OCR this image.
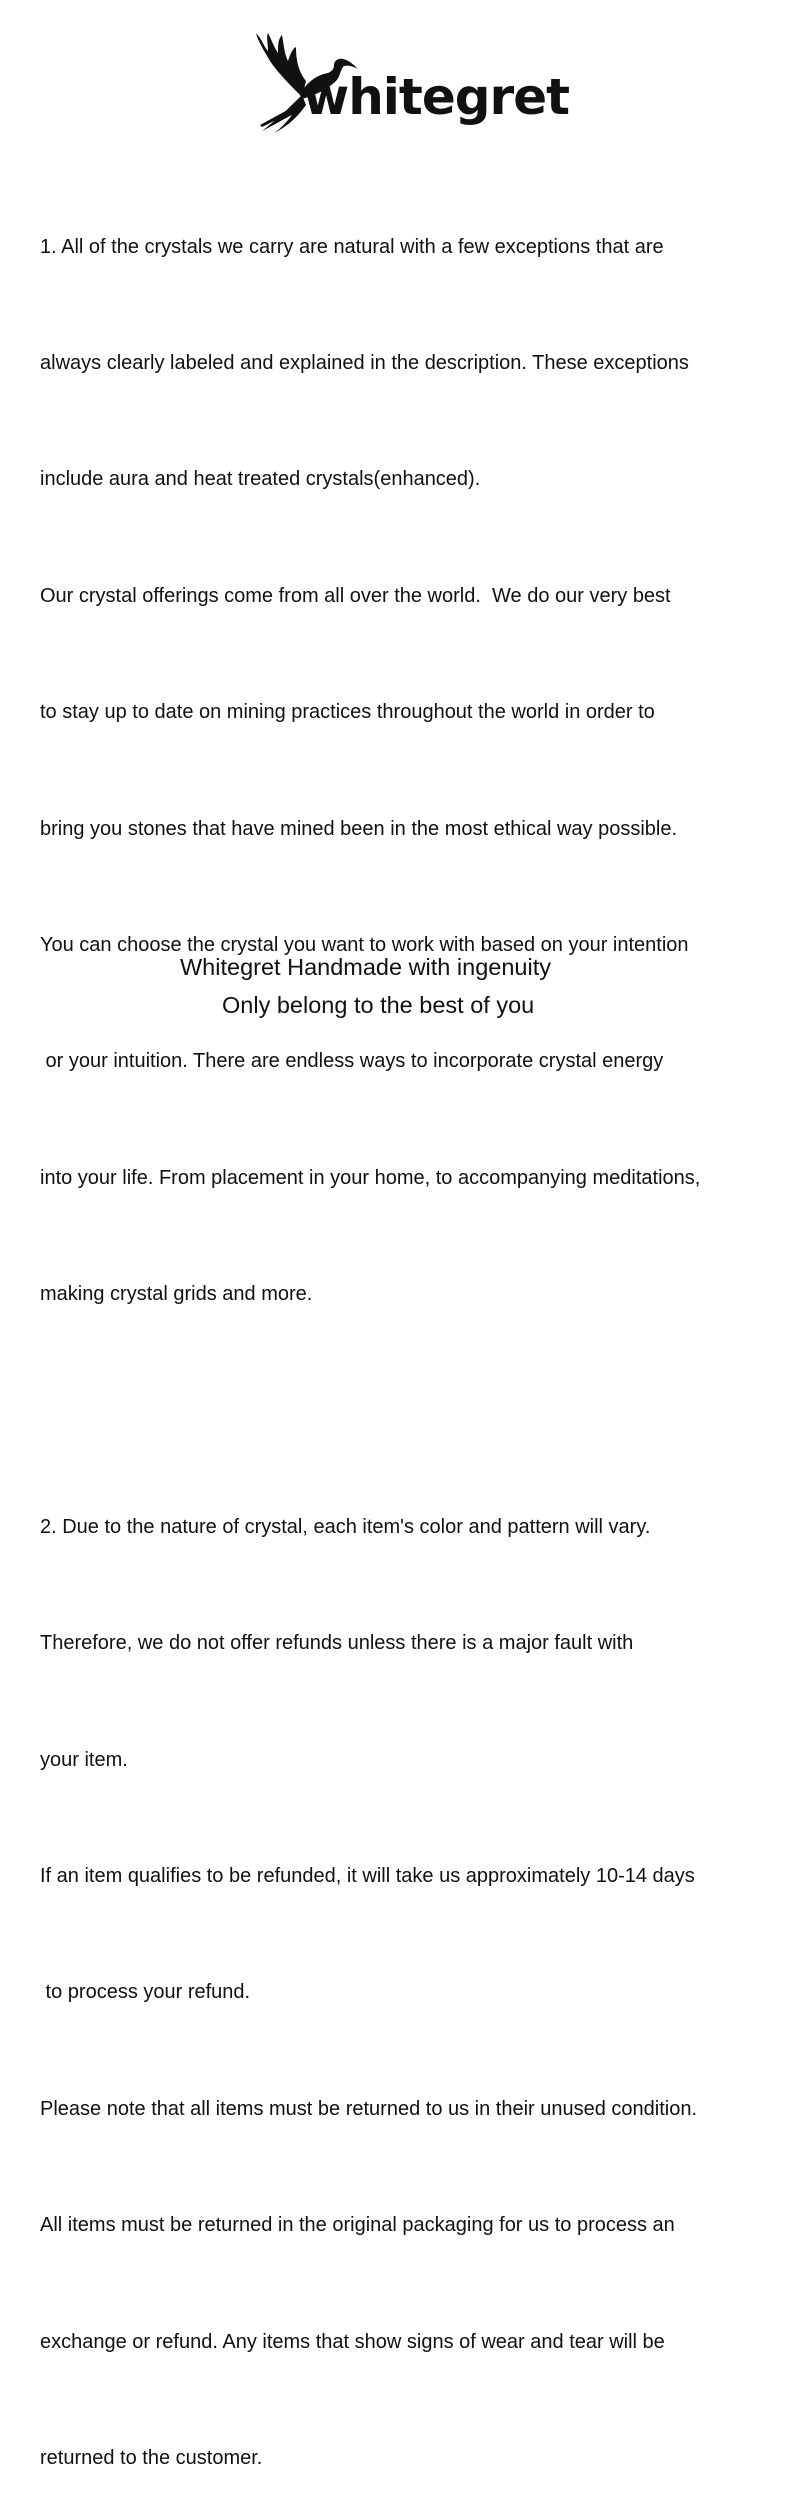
whitegret

1. All of the crystals we carry are natural with a few exceptions that are

always clearly labeled and explained in the description. These exceptions

include aura and heat treated crystals(enhanced).

Our crystal offerings come from all over the world.  We do our very best

to stay up to date on mining practices throughout the world in order to

bring you stones that have mined been in the most ethical way possible.

You can choose the crystal you want to work with based on your intention

or your intuition. There are endless ways to incorporate crystal energy

into your life. From placement in your home, to accompanying meditations,

making crystal grids and more.

2. Due to the nature of crystal, each item's color and pattern will vary.

Therefore, we do not offer refunds unless there is a major fault with

your item.

If an item qualifies to be refunded, it will take us approximately 10-14 days

to process your refund.

Please note that all items must be returned to us in their unused condition.

All items must be returned in the original packaging for us to process an

exchange or refund. Any items that show signs of wear and tear will be

returned to the customer.

Whitegret Handmade with ingenuity
Only belong to the best of you
